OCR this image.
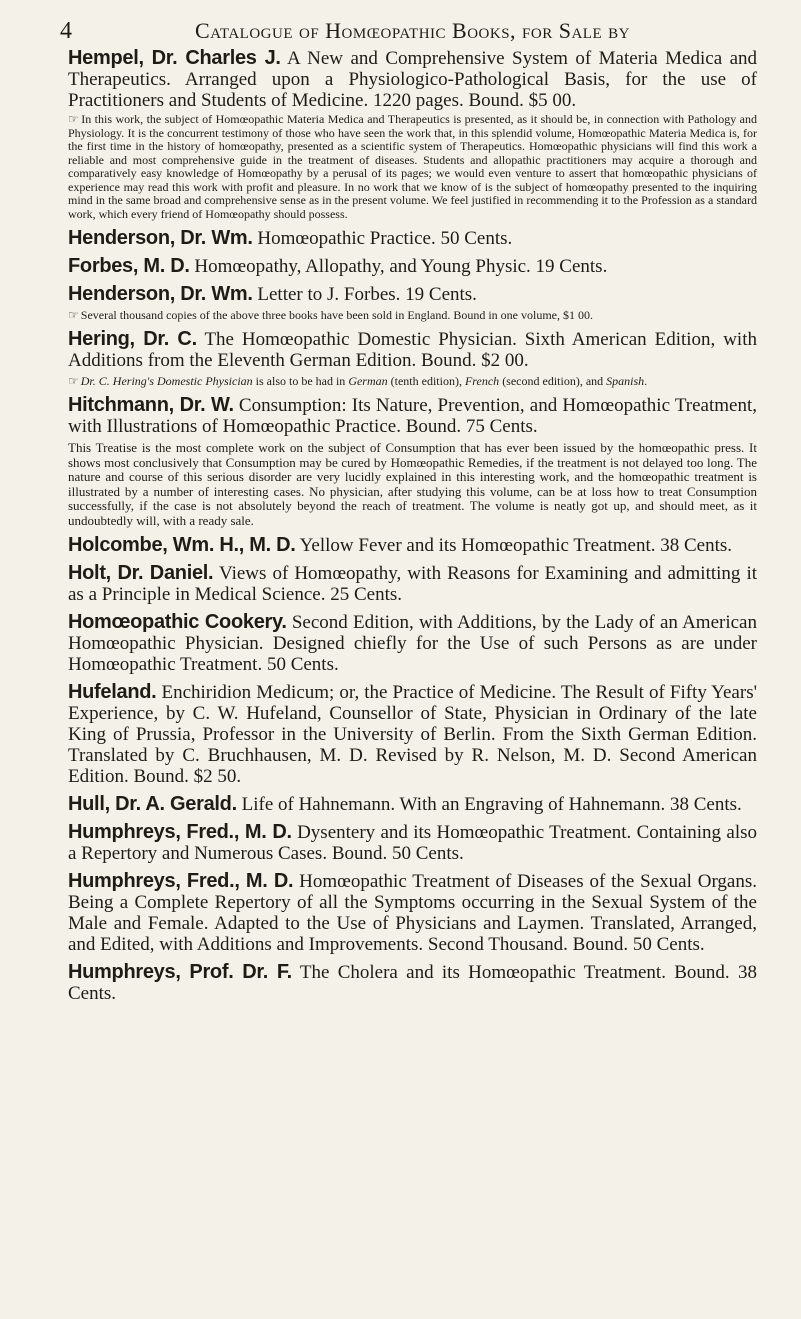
4	Catalogue of Homœopathic Books, for Sale by

Hempel, Dr. Charles J. A New and Comprehensive System of Materia Medica and Therapeutics. Arranged upon a Physiologico-Pathological Basis, for the use of Practitioners and Students of Medicine. 1220 pages. Bound. $5 00.

☞ In this work, the subject of Homœopathic Materia Medica and Therapeutics is presented, as it should be, in connection with Pathology and Physiology. It is the concurrent testimony of those who have seen the work that, in this splendid volume, Homœopathic Materia Medica is, for the first time in the history of homœopathy, presented as a scientific system of Therapeutics. Homœopathic physicians will find this work a reliable and most comprehensive guide in the treatment of diseases. Students and allopathic practitioners may acquire a thorough and comparatively easy knowledge of Homœopathy by a perusal of its pages; we would even venture to assert that homœopathic physicians of experience may read this work with profit and pleasure. In no work that we know of is the subject of homœopathy presented to the inquiring mind in the same broad and comprehensive sense as in the present volume. We feel justified in recommending it to the Profession as a standard work, which every friend of Homœopathy should possess.

Henderson, Dr. Wm. Homœopathic Practice. 50 Cents.

Forbes, M. D. Homœopathy, Allopathy, and Young Physic. 19 Cents.

Henderson, Dr. Wm. Letter to J. Forbes. 19 Cents.

☞ Several thousand copies of the above three books have been sold in England. Bound in one volume, $1 00.

Hering, Dr. C. The Homœopathic Domestic Physician. Sixth American Edition, with Additions from the Eleventh German Edition. Bound. $2 00.

☞ Dr. C. Hering's Domestic Physician is also to be had in German (tenth edition), French (second edition), and Spanish.

Hitchmann, Dr. W. Consumption: Its Nature, Prevention, and Homœopathic Treatment, with Illustrations of Homœopathic Practice. Bound. 75 Cents.

This Treatise is the most complete work on the subject of Consumption that has ever been issued by the homœopathic press. It shows most conclusively that Consumption may be cured by Homœopathic Remedies, if the treatment is not delayed too long. The nature and course of this serious disorder are very lucidly explained in this interesting work, and the homœopathic treatment is illustrated by a number of interesting cases. No physician, after studying this volume, can be at loss how to treat Consumption successfully, if the case is not absolutely beyond the reach of treatment. The volume is neatly got up, and should meet, as it undoubtedly will, with a ready sale.

Holcombe, Wm. H., M. D. Yellow Fever and its Homœopathic Treatment. 38 Cents.

Holt, Dr. Daniel. Views of Homœopathy, with Reasons for Examining and admitting it as a Principle in Medical Science. 25 Cents.

Homœopathic Cookery. Second Edition, with Additions, by the Lady of an American Homœopathic Physician. Designed chiefly for the Use of such Persons as are under Homœopathic Treatment. 50 Cents.

Hufeland. Enchiridion Medicum; or, the Practice of Medicine. The Result of Fifty Years' Experience, by C. W. Hufeland, Counsellor of State, Physician in Ordinary of the late King of Prussia, Professor in the University of Berlin. From the Sixth German Edition. Translated by C. Bruchhausen, M. D. Revised by R. Nelson, M. D. Second American Edition. Bound. $2 50.

Hull, Dr. A. Gerald. Life of Hahnemann. With an Engraving of Hahnemann. 38 Cents.

Humphreys, Fred., M. D. Dysentery and its Homœopathic Treatment. Containing also a Repertory and Numerous Cases. Bound. 50 Cents.

Humphreys, Fred., M. D. Homœopathic Treatment of Diseases of the Sexual Organs. Being a Complete Repertory of all the Symptoms occurring in the Sexual System of the Male and Female. Adapted to the Use of Physicians and Laymen. Translated, Arranged, and Edited, with Additions and Improvements. Second Thousand. Bound. 50 Cents.

Humphreys, Prof. Dr. F. The Cholera and its Homœopathic Treatment. Bound. 38 Cents.
